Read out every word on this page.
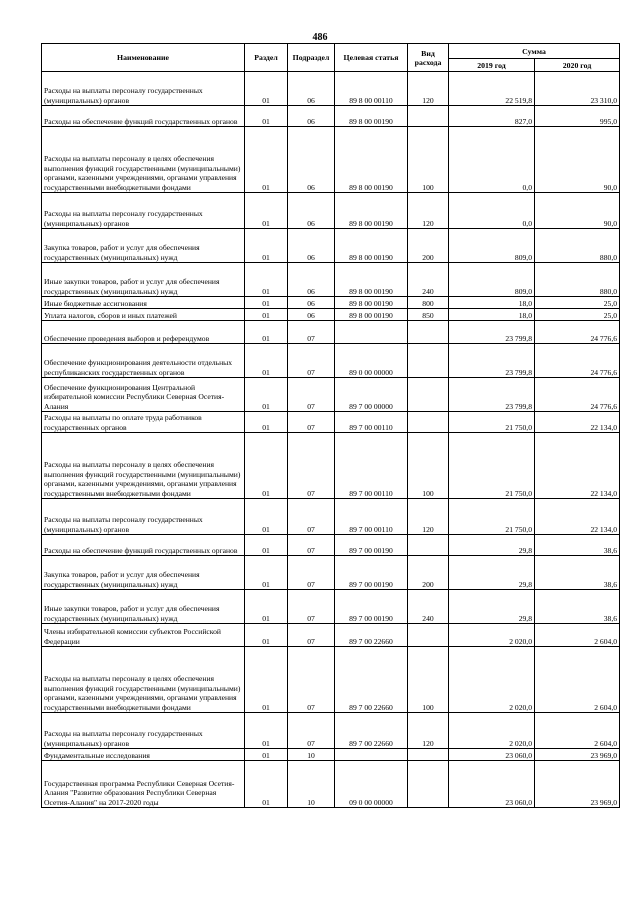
486
Наименование	Раздел	Подраздел	Целевая статья	Вид расхода	Сумма	
					2019 год	2020 год
Расходы на выплаты персоналу государственных (муниципальных) органов	01	06	89 8 00 00110	120	22 519,8	23 310,0
Расходы на обеспечение функций государственных органов	01	06	89 8 00 00190		827,0	995,0
Расходы на выплаты персоналу в целях обеспечения выполнения функций государственными (муниципальными) органами, казенными учреждениями, органами управления государственными внебюджетными фондами	01	06	89 8 00 00190	100	0,0	90,0
Расходы на выплаты персоналу государственных (муниципальных) органов	01	06	89 8 00 00190	120	0,0	90,0
Закупка товаров, работ и услуг для обеспечения государственных (муниципальных) нужд	01	06	89 8 00 00190	200	809,0	880,0
Иные закупки товаров, работ и услуг для обеспечения государственных (муниципальных) нужд	01	06	89 8 00 00190	240	809,0	880,0
Иные бюджетные ассигнования	01	06	89 8 00 00190	800	18,0	25,0
Уплата налогов, сборов и иных платежей	01	06	89 8 00 00190	850	18,0	25,0
Обеспечение проведения выборов и референдумов	01	07			23 799,8	24 776,6
Обеспечение функционирования деятельности отдельных республиканских государственных органов	01	07	89 0 00 00000		23 799,8	24 776,6
Обеспечение функционирования Центральной избирательной комиссии Республики Северная Осетия-Алания	01	07	89 7 00 00000		23 799,8	24 776,6
Расходы на выплаты по оплате труда работников государственных органов	01	07	89 7 00 00110		21 750,0	22 134,0
Расходы на выплаты персоналу в целях обеспечения выполнения функций государственными (муниципальными) органами, казенными учреждениями, органами управления государственными внебюджетными фондами	01	07	89 7 00 00110	100	21 750,0	22 134,0
Расходы на выплаты персоналу государственных (муниципальных) органов	01	07	89 7 00 00110	120	21 750,0	22 134,0
Расходы на обеспечение функций государственных органов	01	07	89 7 00 00190		29,8	38,6
Закупка товаров, работ и услуг для обеспечения государственных (муниципальных) нужд	01	07	89 7 00 00190	200	29,8	38,6
Иные закупки товаров, работ и услуг для обеспечения государственных (муниципальных) нужд	01	07	89 7 00 00190	240	29,8	38,6
Члены избирательной комиссии субъектов Российской Федерации	01	07	89 7 00 22660		2 020,0	2 604,0
Расходы на выплаты персоналу в целях обеспечения выполнения функций государственными (муниципальными) органами, казенными учреждениями, органами управления государственными внебюджетными фондами	01	07	89 7 00 22660	100	2 020,0	2 604,0
Расходы на выплаты персоналу государственных (муниципальных) органов	01	07	89 7 00 22660	120	2 020,0	2 604,0
Фундаментальные исследования	01	10			23 060,0	23 969,0
Государственная программа Республики Северная Осетия-Алания "Развитие образования Республики Северная Осетия-Алания" на 2017-2020 годы	01	10	09 0 00 00000		23 060,0	23 969,0
